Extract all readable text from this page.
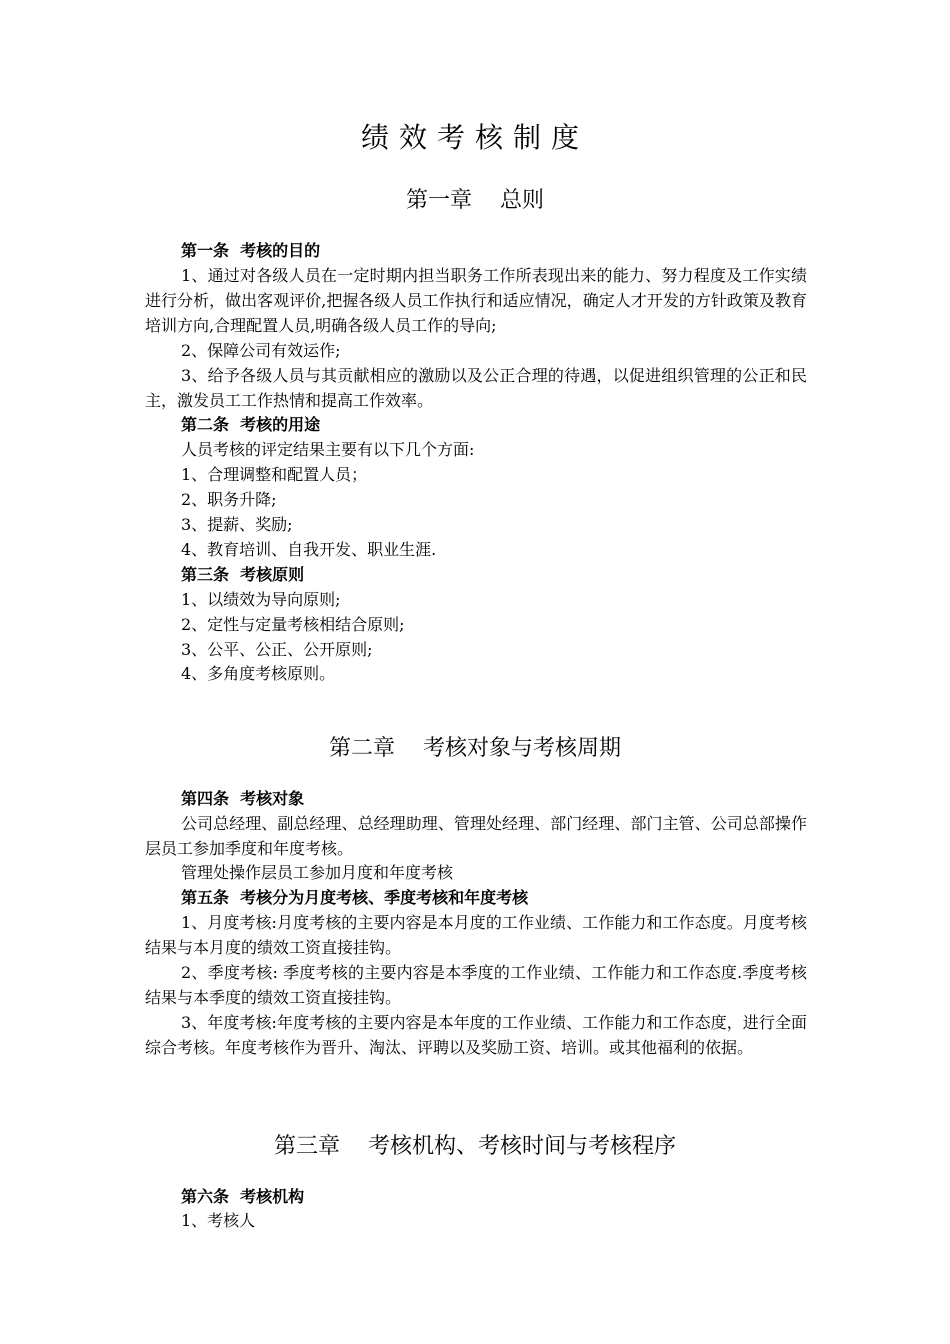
绩效考核制度
第一章    总则
第一条  考核的目的
1、通过对各级人员在一定时期内担当职务工作所表现出来的能力、努力程度及工作实绩进行分析，做出客观评价,把握各级人员工作执行和适应情况，确定人才开发的方针政策及教育培训方向,合理配置人员,明确各级人员工作的导向;
2、保障公司有效运作;
3、给予各级人员与其贡献相应的激励以及公正合理的待遇，以促进组织管理的公正和民主，激发员工工作热情和提高工作效率。
第二条  考核的用途
人员考核的评定结果主要有以下几个方面:
1、合理调整和配置人员；
2、职务升降;
3、提薪、奖励;
4、教育培训、自我开发、职业生涯.
第三条  考核原则
1、以绩效为导向原则;
2、定性与定量考核相结合原则;
3、公平、公正、公开原则;
4、多角度考核原则。
第二章    考核对象与考核周期
第四条  考核对象
公司总经理、副总经理、总经理助理、管理处经理、部门经理、部门主管、公司总部操作层员工参加季度和年度考核。
管理处操作层员工参加月度和年度考核
第五条  考核分为月度考核、季度考核和年度考核
1、月度考核:月度考核的主要内容是本月度的工作业绩、工作能力和工作态度。月度考核结果与本月度的绩效工资直接挂钩。
2、季度考核: 季度考核的主要内容是本季度的工作业绩、工作能力和工作态度.季度考核结果与本季度的绩效工资直接挂钩。
3、年度考核:年度考核的主要内容是本年度的工作业绩、工作能力和工作态度，进行全面综合考核。年度考核作为晋升、淘汰、评聘以及奖励工资、培训。或其他福利的依据。
第三章    考核机构、考核时间与考核程序
第六条  考核机构
1、考核人
